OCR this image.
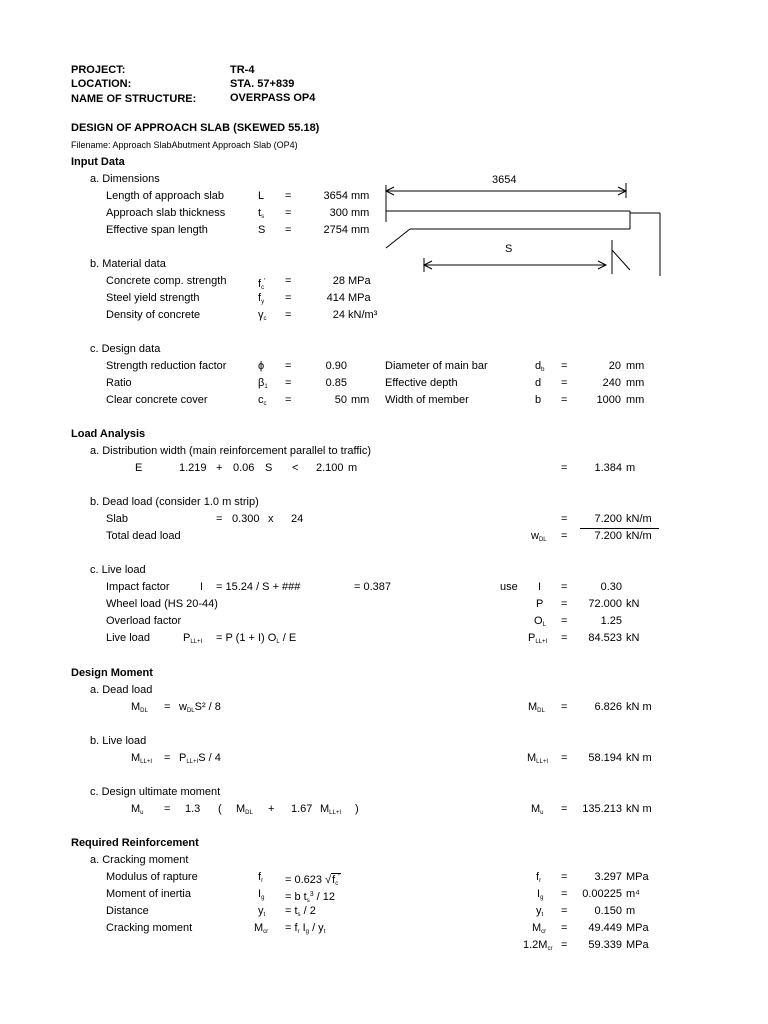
PROJECT:	TR-4
LOCATION:	STA. 57+839
NAME OF STRUCTURE:	OVERPASS OP4
DESIGN OF APPROACH SLAB (SKEWED 55.18)
Filename: Approach SlabAbutment Approach Slab (OP4)
Input Data
a. Dimensions
Length of approach slab	L =	3654 mm
Approach slab thickness	$t_s$ =	300 mm
Effective span length	S =	2754 mm
3654
S
b. Material data
Concrete comp. strength	$f_c'$ =	28 MPa
Steel yield strength	$f_y$ =	414 MPa
Density of concrete	$\gamma_c$ =	24 kN/m³
c. Design data
Strength reduction factor	ϕ =	0.90	Diameter of main bar	$d_b$ =	20 mm
Ratio	$\beta_1$ =	0.85	Effective depth	d =	240 mm
Clear concrete cover	$c_c$ =	50 mm Width of member	b =	1000 mm
Load Analysis
a. Distribution width (main reinforcement parallel to traffic)
E	1.219 + 0.06 S < 2.100 m	=	1.384 m
b. Dead load (consider 1.0 m strip)
Slab	= 0.300 x 24	=	7.200 kN/m
Total dead load	$w_{DL}$ =	7.200 kN/m
c. Live load
Impact factor	I = 15.24 / S + ###	= 0.387	use I =	0.30
Wheel load (HS 20-44)	P =	72.000 kN
Overload factor	$O_L$ =	1.25
Live load	$P_{LL+I} = P$ (1 + I) $O_L$ / E	$P_{LL+I}$ =	84.523 kN
Design Moment
a. Dead load
$M_{DL} = w_{DL}S^2 / 8$	$M_{DL}$ =	6.826 kN m
b. Live load
$M_{LL+I} = P_{LL+I}S / 4$	$M_{LL+I}$ =	58.194 kN m
c. Design ultimate moment
$M_u = 1.3$ ( $M_{DL} + 1.67$ $M_{LL+I}$ )	$M_u$ =	135.213 kN m
Required Reinforcement
a. Cracking moment
Modulus of rapture	$f_r = 0.623$ $√f_c'$	$f_r$ =	3.297 MPa
Moment of inertia	$I_g = b$ $t_s^3 / 12$	$I_g$ =	0.00225 m⁴
Distance	$y_t = t_s / 2$	$y_t$ =	0.150 m
Cracking moment	$M_{cr} = f_r$ $I_g / y_t$	$M_{cr}$ =	49.449 MPa
$1.2M_{cr}$ =	59.339 MPa
